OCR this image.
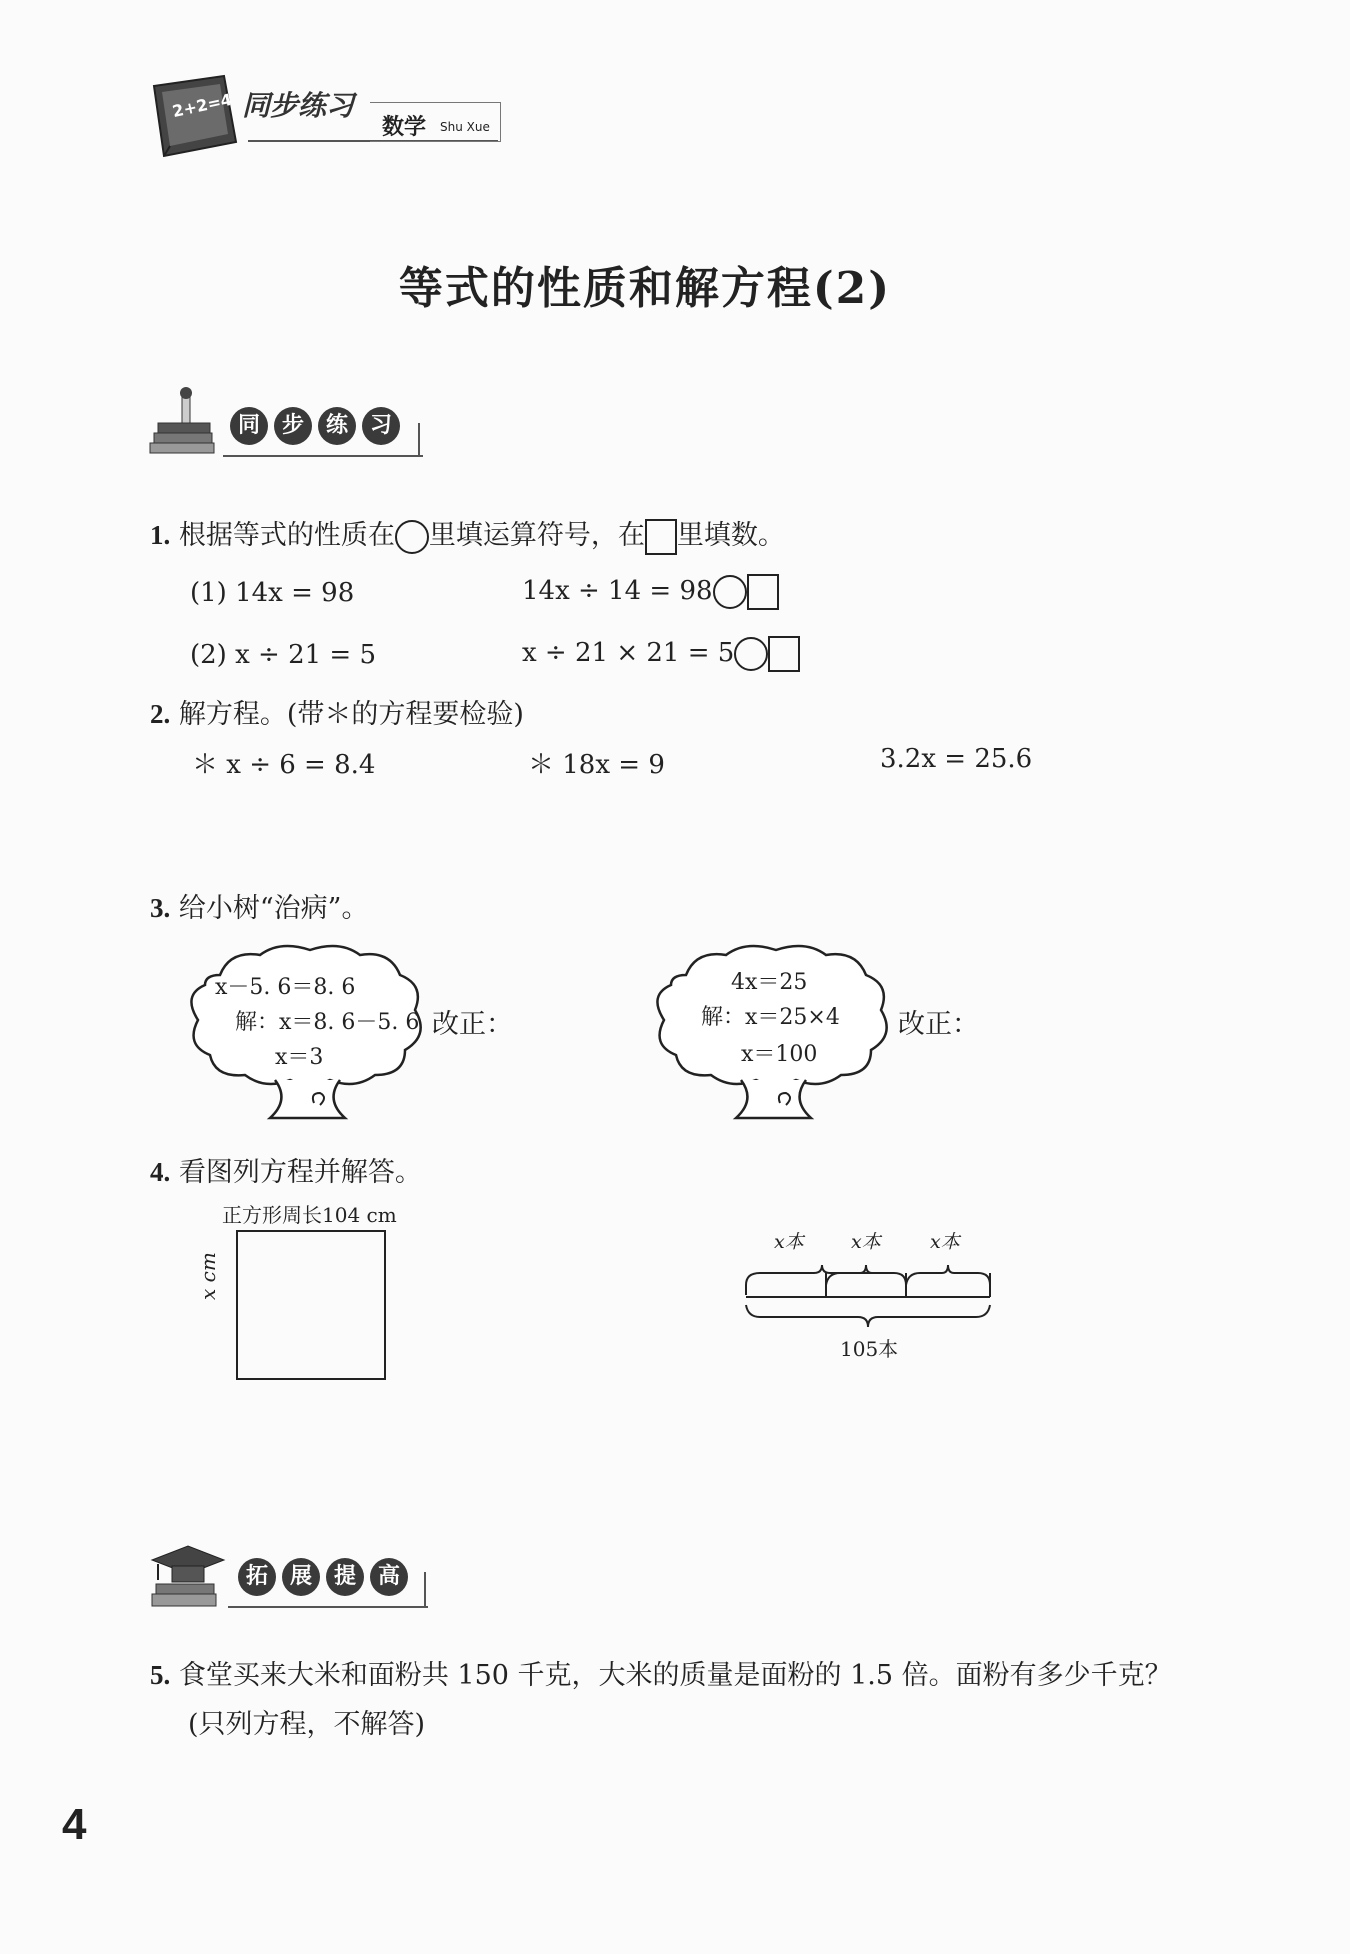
2+2=4 同步练习
数学 Shu Xue
等式的性质和解方程(2)
同 步 练 习
1. 根据等式的性质在 里填运算符号，在 里填数。
(1) 14x = 98	14x ÷ 14 = 98
(2) x ÷ 21 = 5	x ÷ 21 × 21 = 5
2. 解方程。(带＊的方程要检验)
＊ x ÷ 6 = 8.4	＊ 18x = 9	3.2x = 25.6
3. 给小树“治病”。
x－5. 6＝8. 6
解：x＝8. 6－5. 6
x＝3
改正：
4x＝25
解：x＝25×4
x＝100
改正：
4. 看图列方程并解答。
正方形周长104 cm
x cm
x本 x本	x本
105本
拓 展 提 高
5. 食堂买来大米和面粉共 150 千克，大米的质量是面粉的 1.5 倍。面粉有多少千克？
(只列方程，不解答)
4
